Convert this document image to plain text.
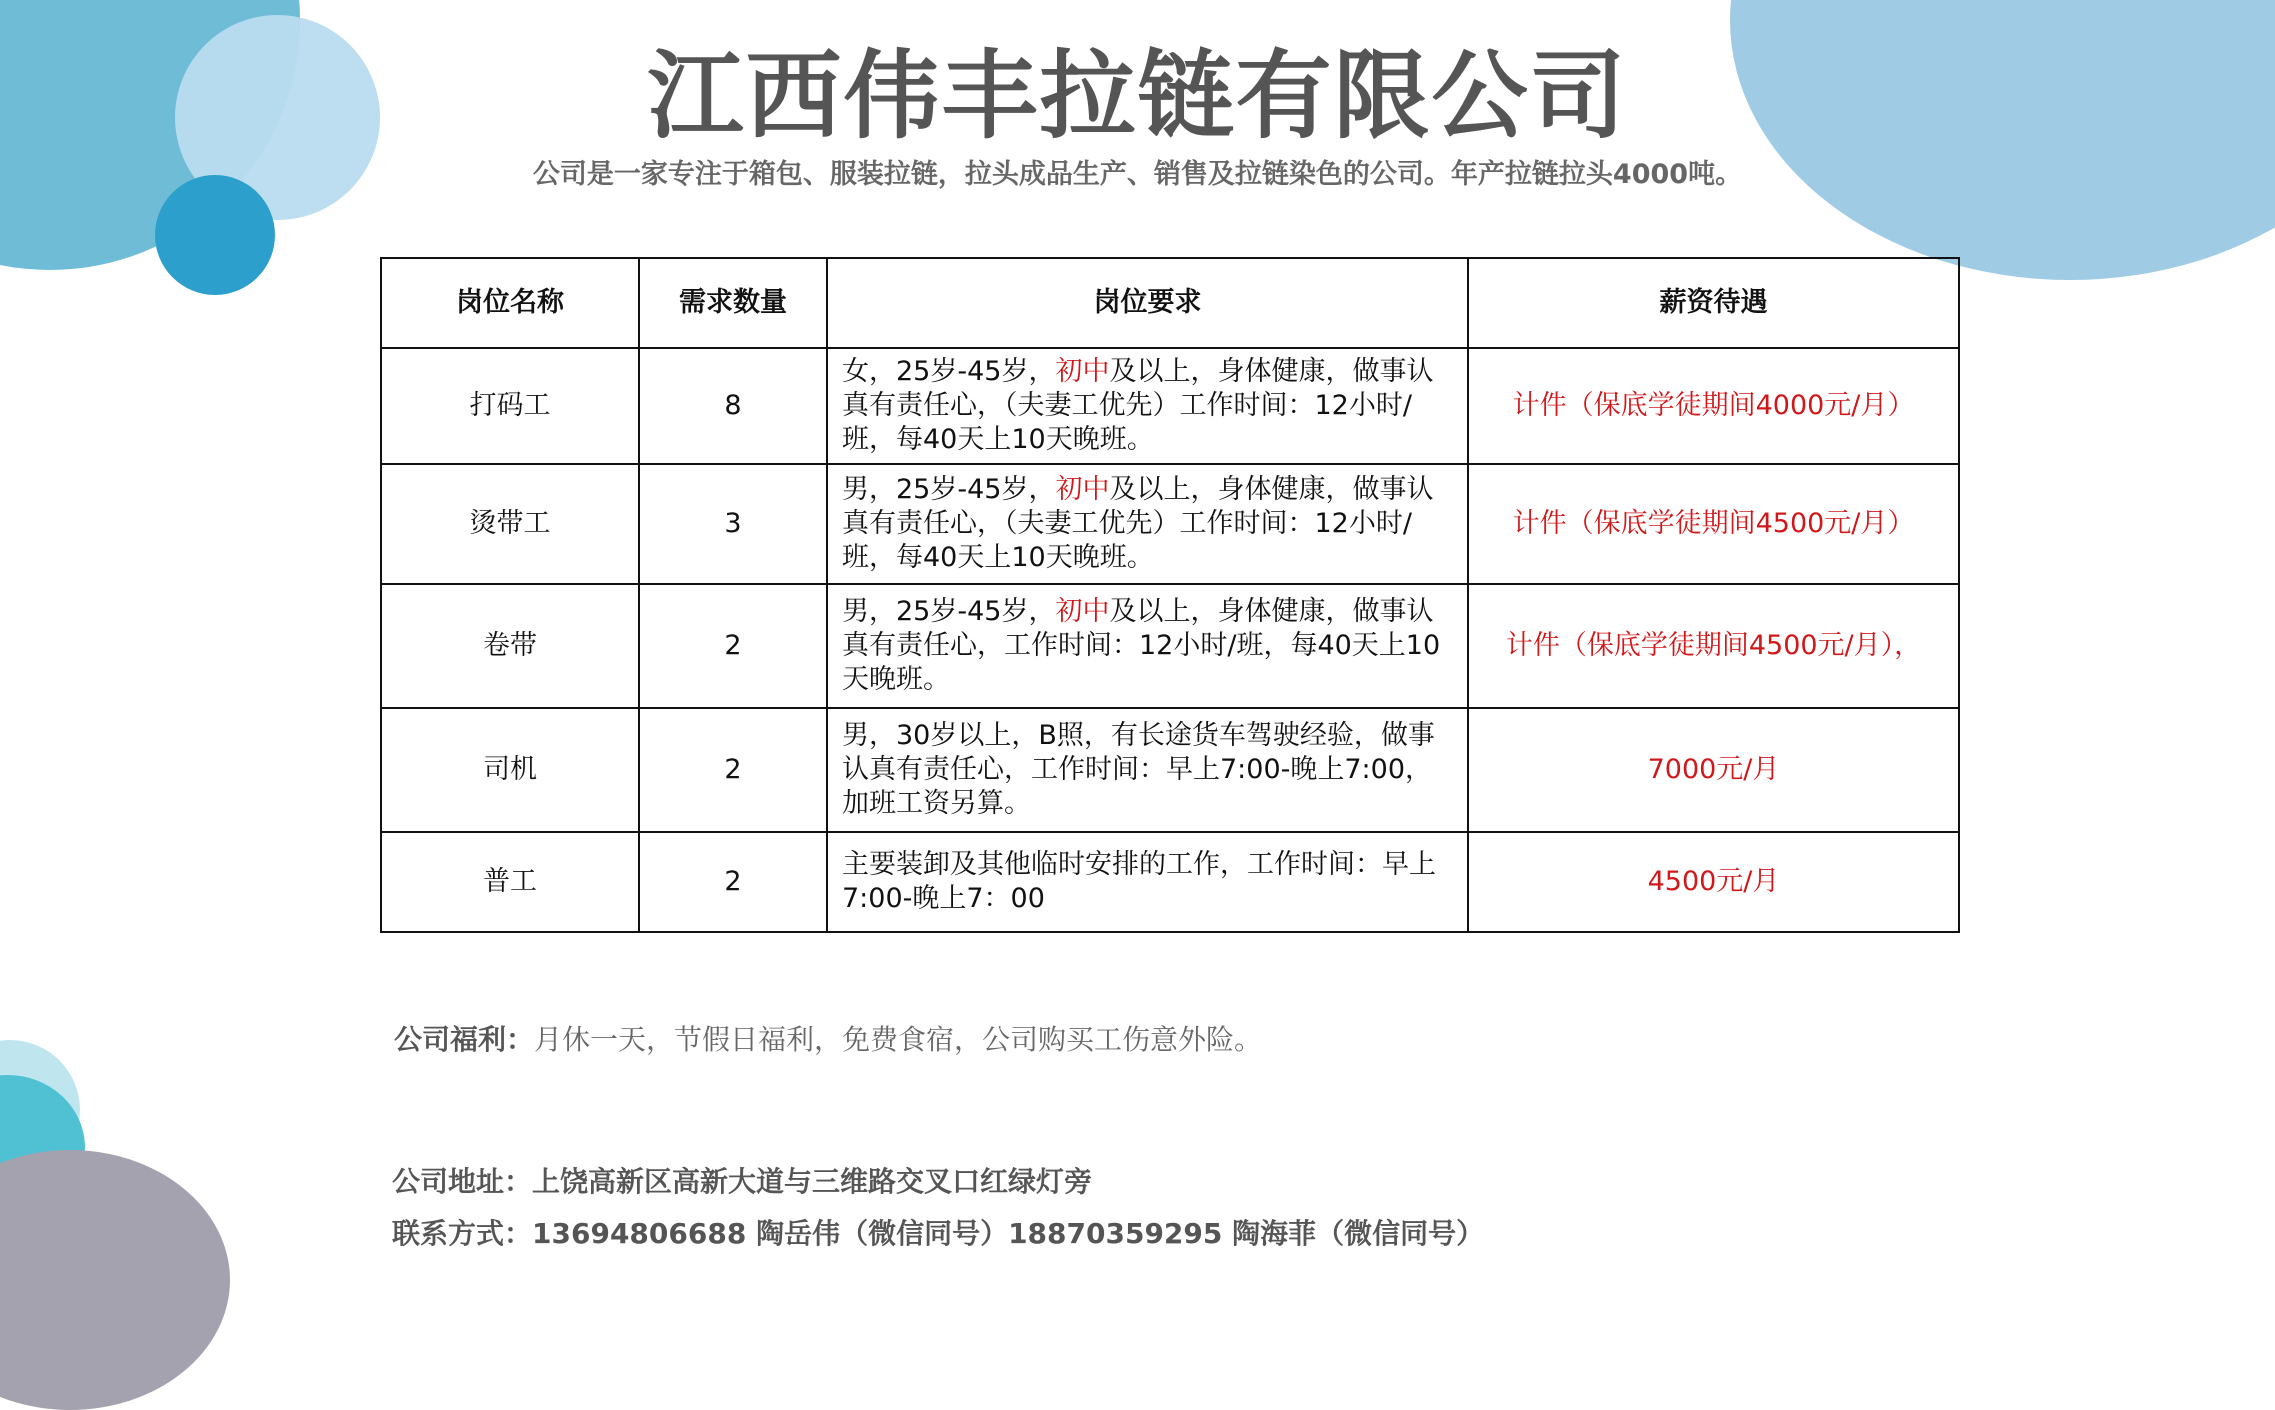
江西伟丰拉链有限公司

公司是一家专注于箱包、服装拉链，拉头成品生产、销售及拉链染色的公司。年产拉链拉头4000吨。

岗位名称	需求数量	岗位要求	薪资待遇
打码工	8	女，25岁-45岁，初中及以上，身体健康，做事认真有责任心，（夫妻工优先）工作时间：12小时/班，每40天上10天晚班。	计件（保底学徒期间4000元/月）
烫带工	3	男，25岁-45岁，初中及以上，身体健康，做事认真有责任心，（夫妻工优先）工作时间：12小时/班，每40天上10天晚班。	计件（保底学徒期间4500元/月）
卷带	2	男，25岁-45岁，初中及以上，身体健康，做事认真有责任心，工作时间：12小时/班，每40天上10天晚班。	计件（保底学徒期间4500元/月），
司机	2	男，30岁以上，B照，有长途货车驾驶经验，做事认真有责任心，工作时间：早上7:00-晚上7:00，加班工资另算。	7000元/月
普工	2	主要装卸及其他临时安排的工作，工作时间：早上7:00-晚上7：00	4500元/月

公司福利：月休一天，节假日福利，免费食宿，公司购买工伤意外险。

公司地址：上饶高新区高新大道与三维路交叉口红绿灯旁

联系方式：13694806688 陶岳伟（微信同号）18870359295 陶海菲（微信同号）
